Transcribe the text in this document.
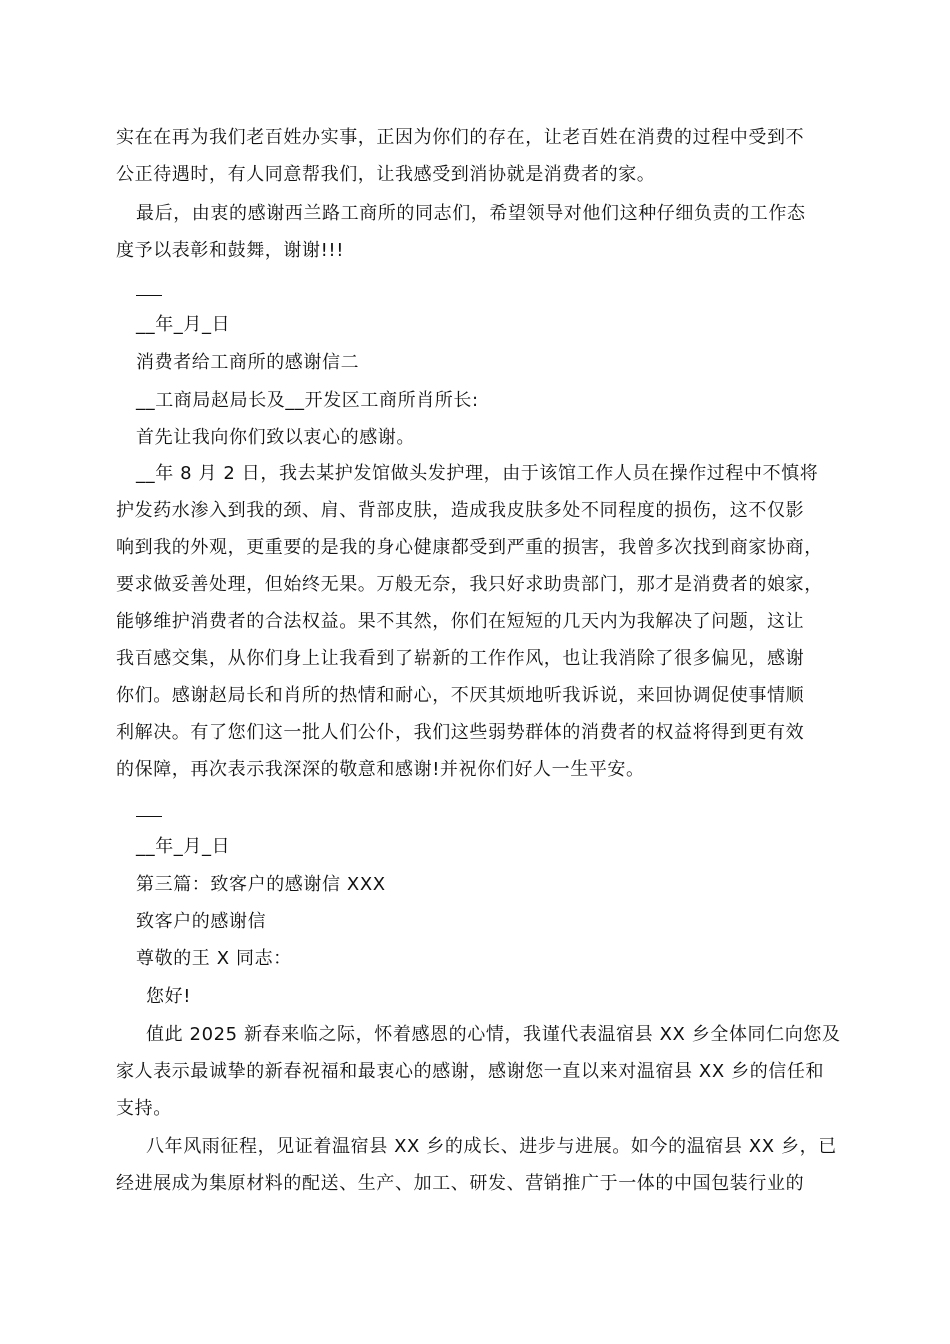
实在在再为我们老百姓办实事，正因为你们的存在，让老百姓在消费的过程中受到不

公正待遇时，有人同意帮我们，让我感受到消协就是消费者的家。

最后，由衷的感谢西兰路工商所的同志们，希望领导对他们这种仔细负责的工作态

度予以表彰和鼓舞，谢谢!!!

__年_月_日

消费者给工商所的感谢信二

__工商局赵局长及__开发区工商所肖所长:

首先让我向你们致以衷心的感谢。

__年 8 月 2 日，我去某护发馆做头发护理，由于该馆工作人员在操作过程中不慎将

护发药水渗入到我的颈、肩、背部皮肤，造成我皮肤多处不同程度的损伤，这不仅影

响到我的外观，更重要的是我的身心健康都受到严重的损害，我曾多次找到商家协商，

要求做妥善处理，但始终无果。万般无奈，我只好求助贵部门，那才是消费者的娘家，

能够维护消费者的合法权益。果不其然，你们在短短的几天内为我解决了问题，这让

我百感交集，从你们身上让我看到了崭新的工作作风，也让我消除了很多偏见，感谢

你们。感谢赵局长和肖所的热情和耐心，不厌其烦地听我诉说，来回协调促使事情顺

利解决。有了您们这一批人们公仆，我们这些弱势群体的消费者的权益将得到更有效

的保障，再次表示我深深的敬意和感谢!并祝你们好人一生平安。

__年_月_日

第三篇：致客户的感谢信 XXX

致客户的感谢信

尊敬的王 X 同志：

您好!

值此 2025 新春来临之际，怀着感恩的心情，我谨代表温宿县 XX 乡全体同仁向您及

家人表示最诚挚的新春祝福和最衷心的感谢，感谢您一直以来对温宿县 XX 乡的信任和

支持。

八年风雨征程，见证着温宿县 XX 乡的成长、进步与进展。如今的温宿县 XX 乡，已

经进展成为集原材料的配送、生产、加工、研发、营销推广于一体的中国包装行业的
